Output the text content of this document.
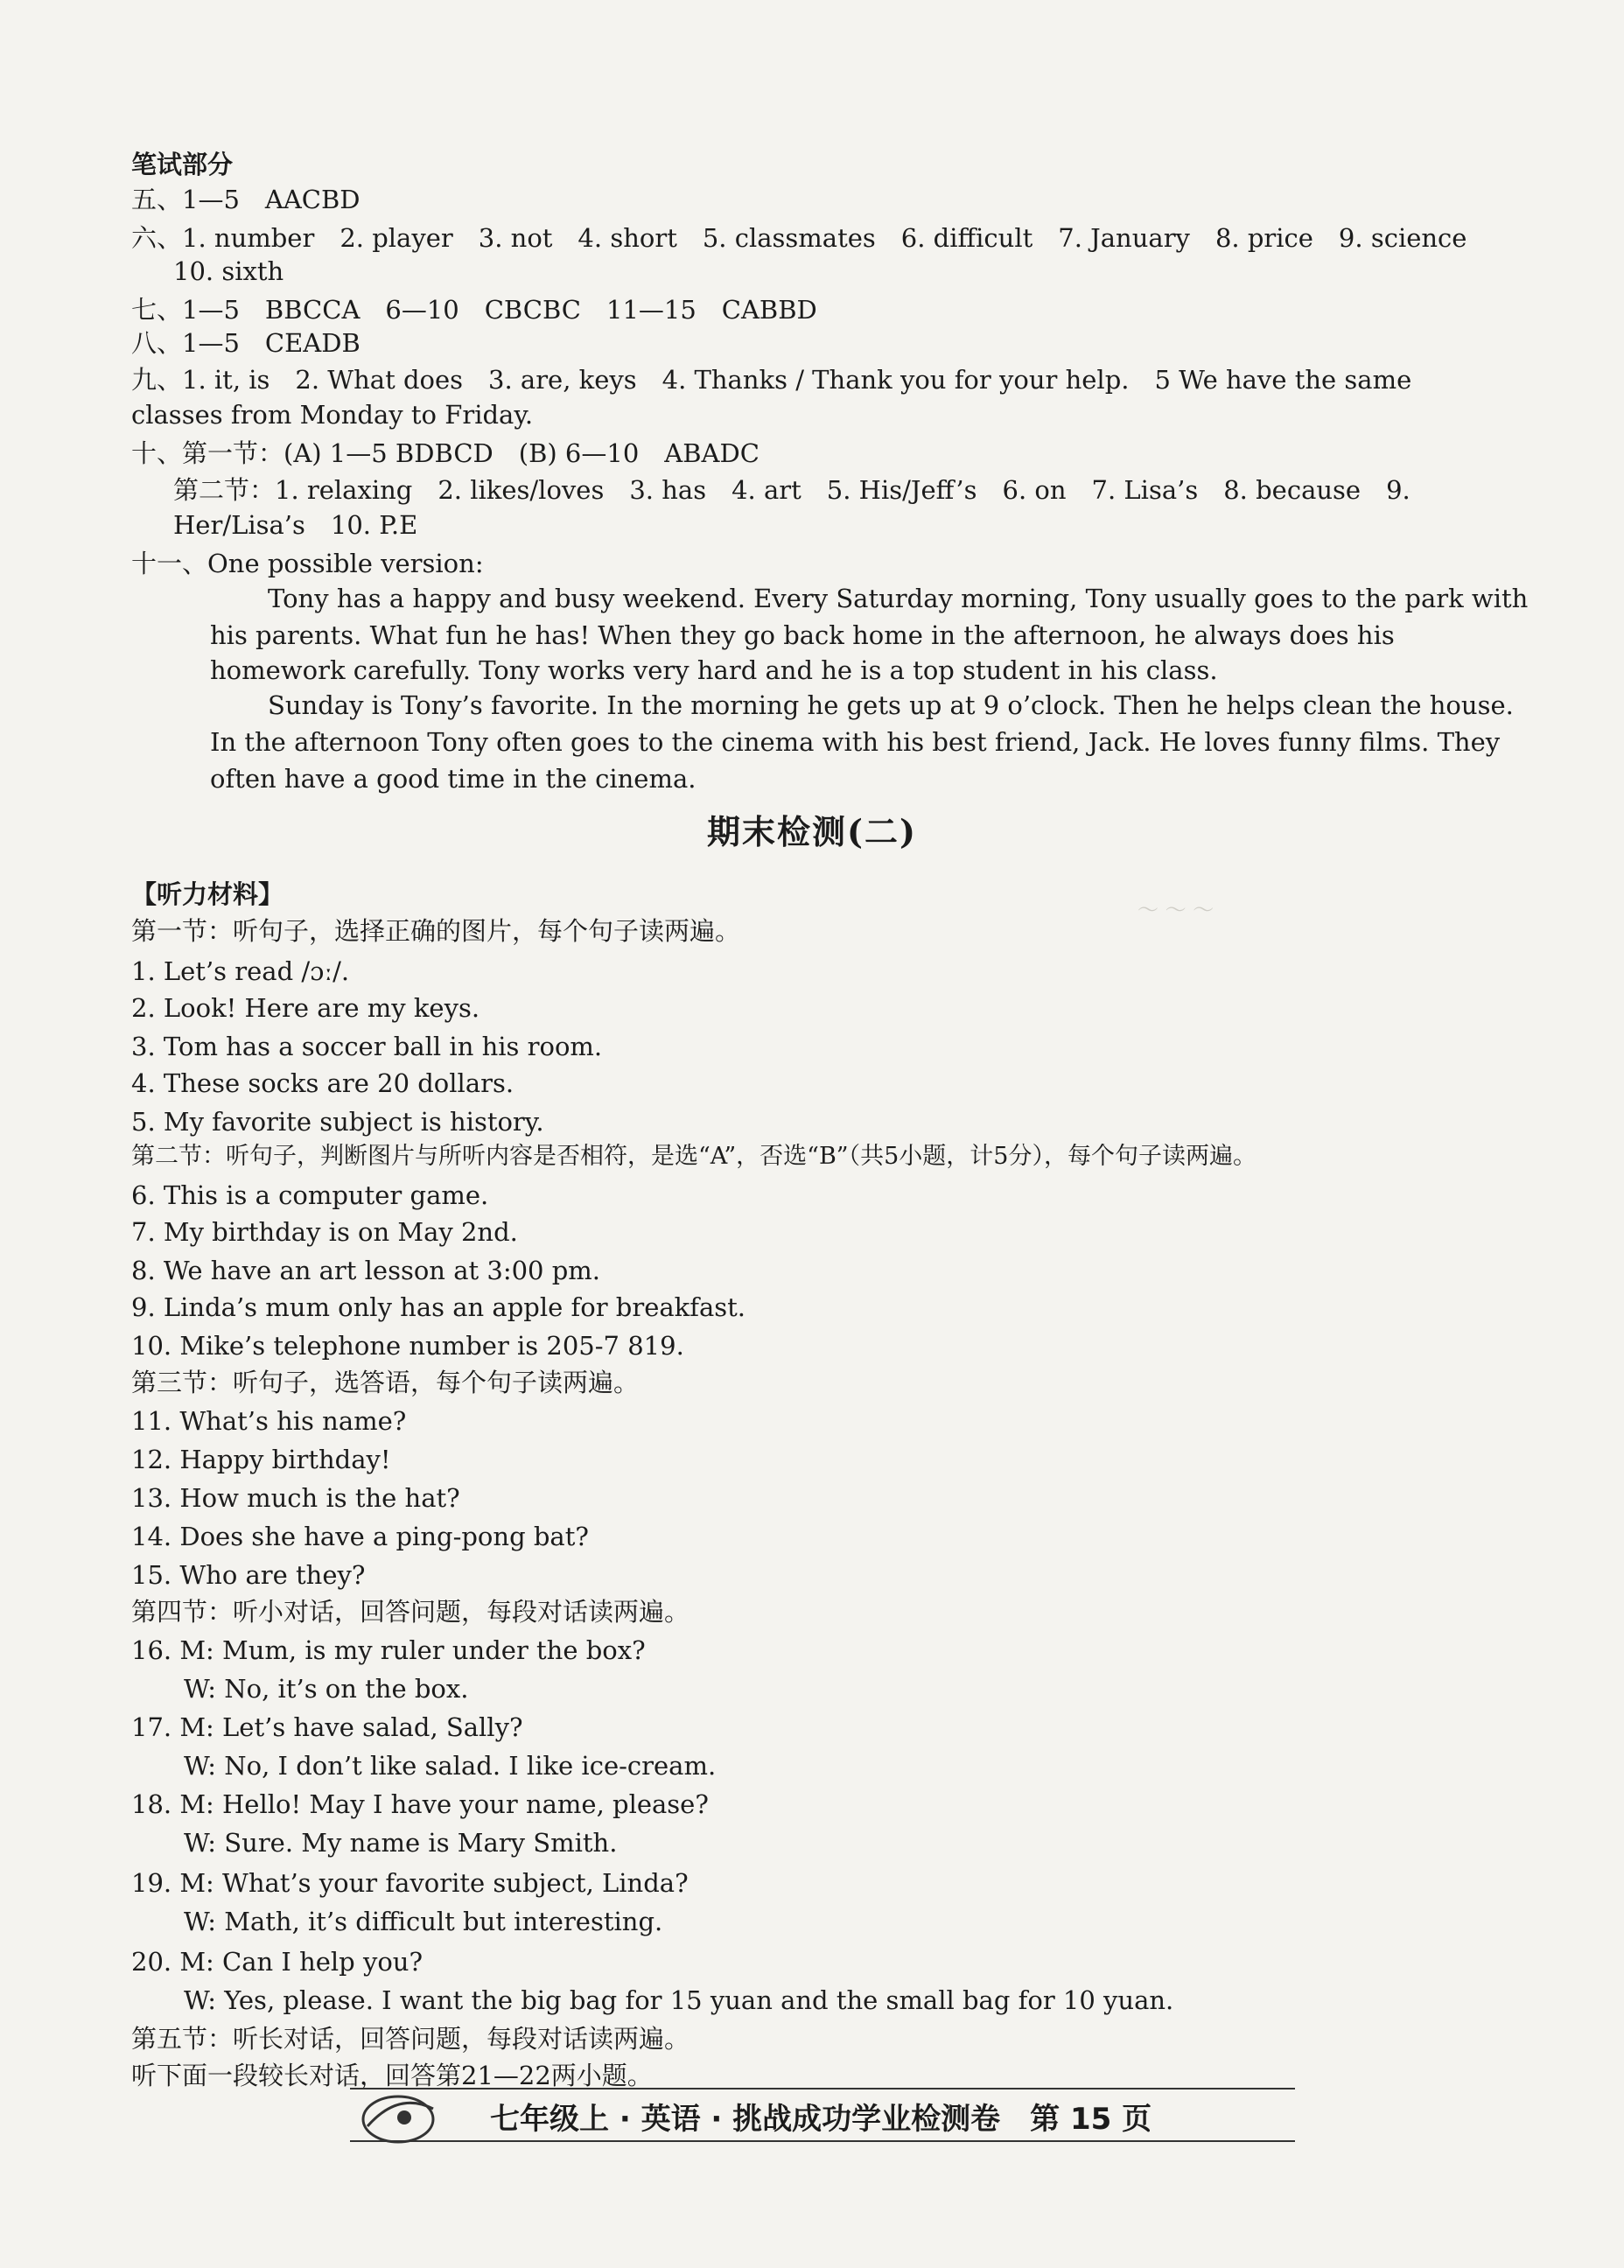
～ ～ ～
笔试部分
五、1—5　AACBD
六、1. number　2. player　3. not　4. short　5. classmates　6. difficult　7. January　8. price　9. science
10. sixth
七、1—5　BBCCA　6—10　CBCBC　11—15　CABBD
八、1—5　CEADB
九、1. it, is　2. What does　3. are, keys　4. Thanks / Thank you for your help.　5 We have the same
classes from Monday to Friday.
十、第一节：(A) 1—5 BDBCD　(B) 6—10　ABADC
第二节：1. relaxing　2. likes/loves　3. has　4. art　5. His/Jeff’s　6. on　7. Lisa’s　8. because　9.
Her/Lisa’s　10. P.E
十一、One possible version:
Tony has a happy and busy weekend. Every Saturday morning, Tony usually goes to the park with
his parents. What fun he has! When they go back home in the afternoon, he always does his
homework carefully. Tony works very hard and he is a top student in his class.
Sunday is Tony’s favorite. In the morning he gets up at 9 o’clock. Then he helps clean the house.
In the afternoon Tony often goes to the cinema with his best friend, Jack. He loves funny films. They
often have a good time in the cinema.
期末检测(二)
【听力材料】
第一节：听句子，选择正确的图片，每个句子读两遍。
1. Let’s read /ɔː/.
2. Look! Here are my keys.
3. Tom has a soccer ball in his room.
4. These socks are 20 dollars.
5. My favorite subject is history.
第二节：听句子，判断图片与所听内容是否相符，是选“A”，否选“B”（共5小题，计5分），每个句子读两遍。
6. This is a computer game.
7. My birthday is on May 2nd.
8. We have an art lesson at 3:00 pm.
9. Linda’s mum only has an apple for breakfast.
10. Mike’s telephone number is 205-7 819.
第三节：听句子，选答语，每个句子读两遍。
11. What’s his name?
12. Happy birthday!
13. How much is the hat?
14. Does she have a ping-pong bat?
15. Who are they?
第四节：听小对话，回答问题，每段对话读两遍。
16. M: Mum, is my ruler under the box?
W: No, it’s on the box.
17. M: Let’s have salad, Sally?
W: No, I don’t like salad. I like ice-cream.
18. M: Hello! May I have your name, please?
W: Sure. My name is Mary Smith.
19. M: What’s your favorite subject, Linda?
W: Math, it’s difficult but interesting.
20. M: Can I help you?
W: Yes, please. I want the big bag for 15 yuan and the small bag for 10 yuan.
第五节：听长对话，回答问题，每段对话读两遍。
听下面一段较长对话，回答第21—22两小题。
七年级上 · 英语 · 挑战成功学业检测卷　第 15 页
